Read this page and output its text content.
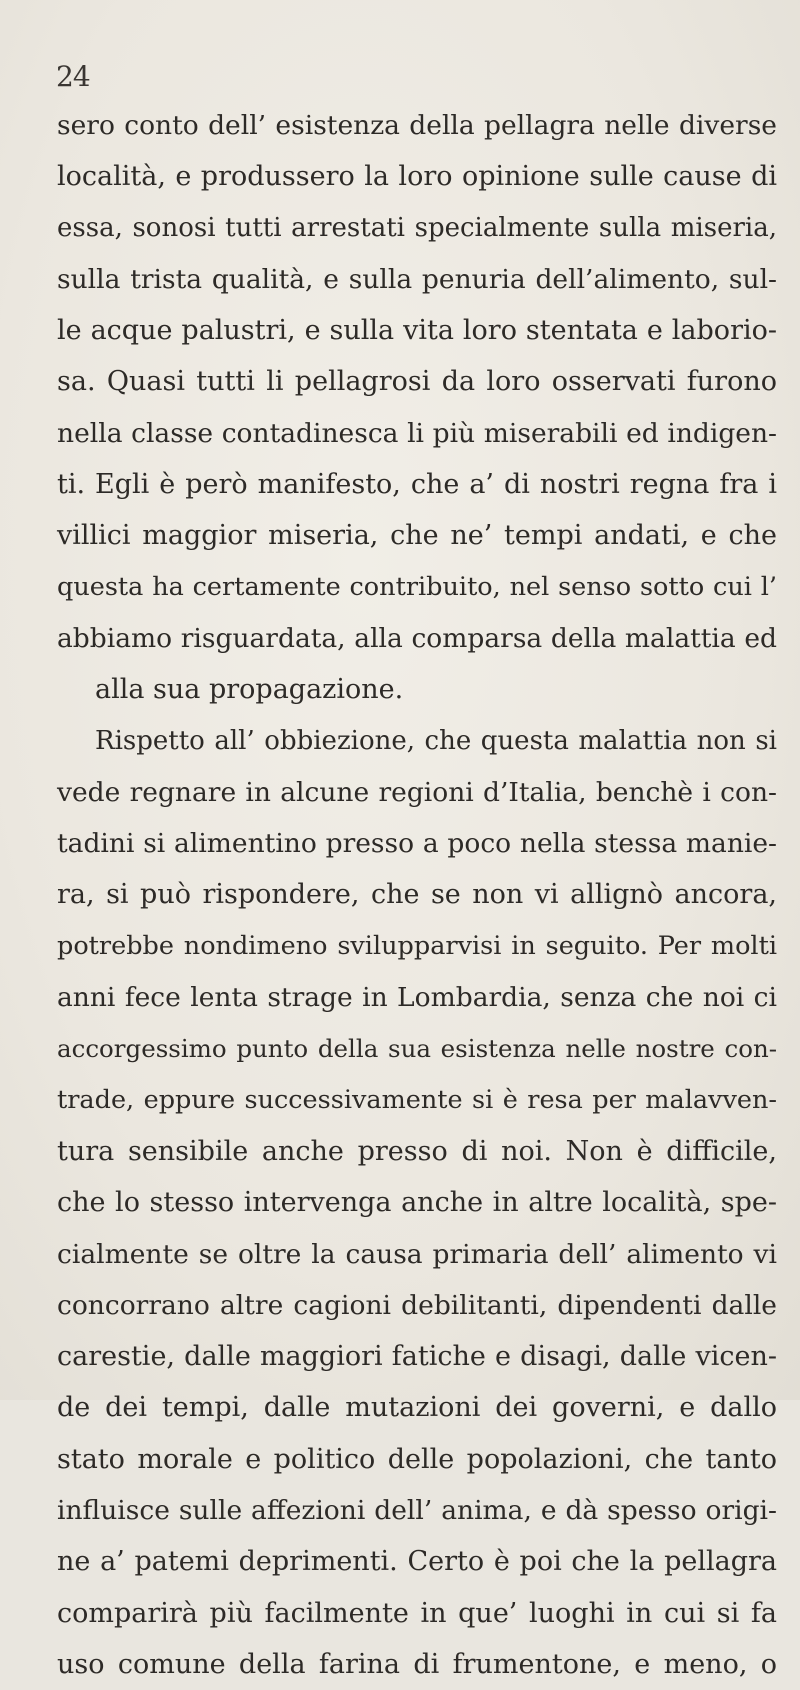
24
sero conto dell’ esistenza della pellagra nelle diverse
località, e produssero la loro opinione sulle cause di
essa, sonosi tutti arrestati specialmente sulla miseria,
sulla trista qualità, e sulla penuria dell’alimento, sul-
le acque palustri, e sulla vita loro stentata e laborio-
sa. Quasi tutti li pellagrosi da loro osservati furono
nella classe contadinesca li più miserabili ed indigen-
ti. Egli è però manifesto, che a’ di nostri regna fra i
villici maggior miseria, che ne’ tempi andati, e che
questa ha certamente contribuito, nel senso sotto cui l’
abbiamo risguardata, alla comparsa della malattia ed
alla sua propagazione.
Rispetto all’ obbiezione, che questa malattia non si
vede regnare in alcune regioni d’Italia, benchè i con-
tadini si alimentino presso a poco nella stessa manie-
ra, si può rispondere, che se non vi allignò ancora,
potrebbe nondimeno svilupparvisi in seguito. Per molti
anni fece lenta strage in Lombardia, senza che noi ci
accorgessimo punto della sua esistenza nelle nostre con-
trade, eppure successivamente si è resa per malavven-
tura sensibile anche presso di noi. Non è difficile,
che lo stesso intervenga anche in altre località, spe-
cialmente se oltre la causa primaria dell’ alimento vi
concorrano altre cagioni debilitanti, dipendenti dalle
carestie, dalle maggiori fatiche e disagi, dalle vicen-
de dei tempi, dalle mutazioni dei governi, e dallo
stato morale e politico delle popolazioni, che tanto
influisce sulle affezioni dell’ anima, e dà spesso origi-
ne a’ patemi deprimenti. Certo è poi che la pellagra
comparirà più facilmente in que’ luoghi in cui si fa
uso comune della farina di frumentone, e meno, o
